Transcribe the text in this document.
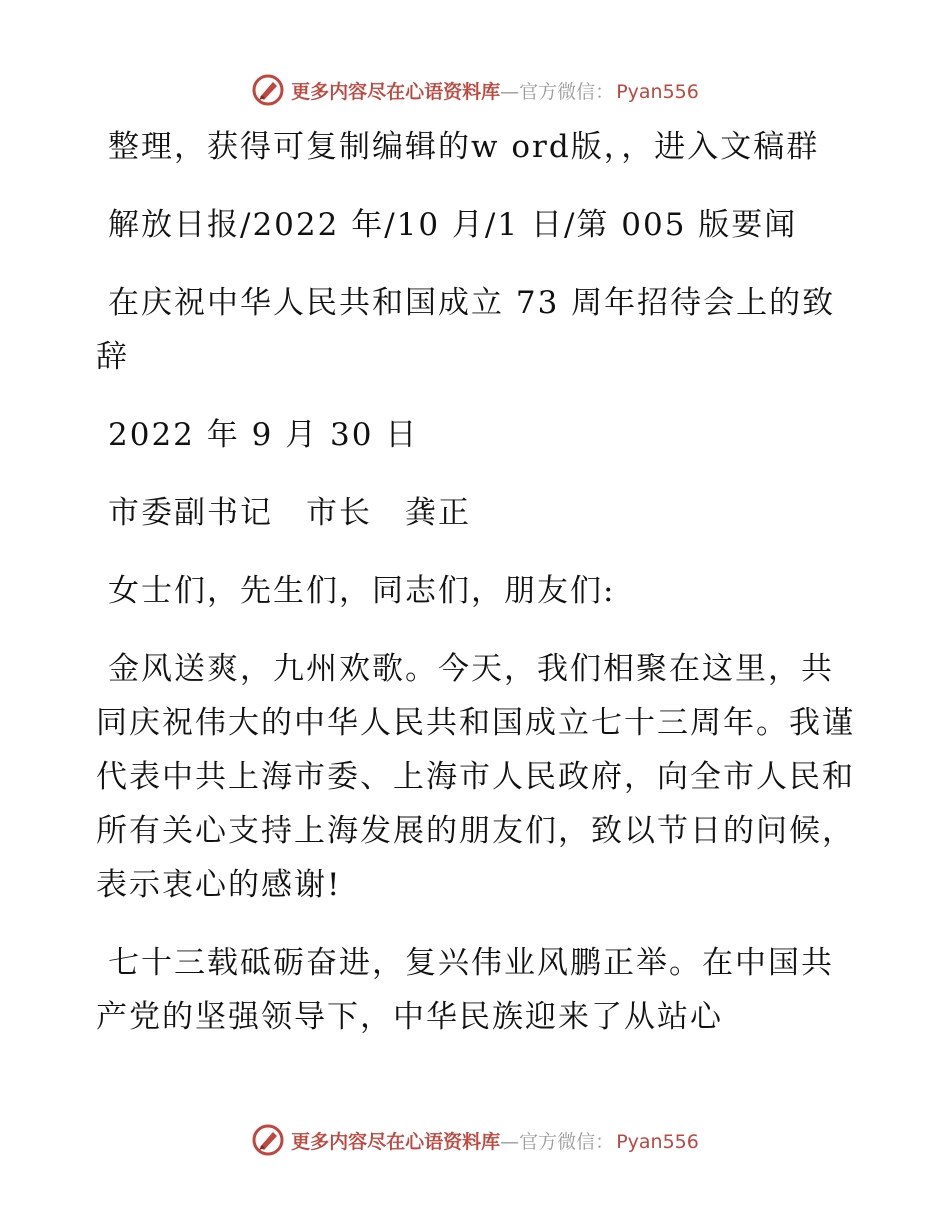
更多内容尽在心语资料库—官方微信： Pyan556

整理，获得可复制编辑的w ord版，，进入文稿群

解放日报/2022 年/10 月/1 日/第 005 版要闻

在庆祝中华人民共和国成立 73 周年招待会上的致辞

2022 年 9 月 30 日

市委副书记　市长　龚正

女士们，先生们，同志们，朋友们:

金风送爽，九州欢歌。今天，我们相聚在这里，共同庆祝伟大的中华人民共和国成立七十三周年。我谨代表中共上海市委、上海市人民政府，向全市人民和所有关心支持上海发展的朋友们，致以节日的问候，表示衷心的感谢!

七十三载砥砺奋进，复兴伟业风鹏正举。在中国共产党的坚强领导下，中华民族迎来了从站心

更多内容尽在心语资料库—官方微信： Pyan556
